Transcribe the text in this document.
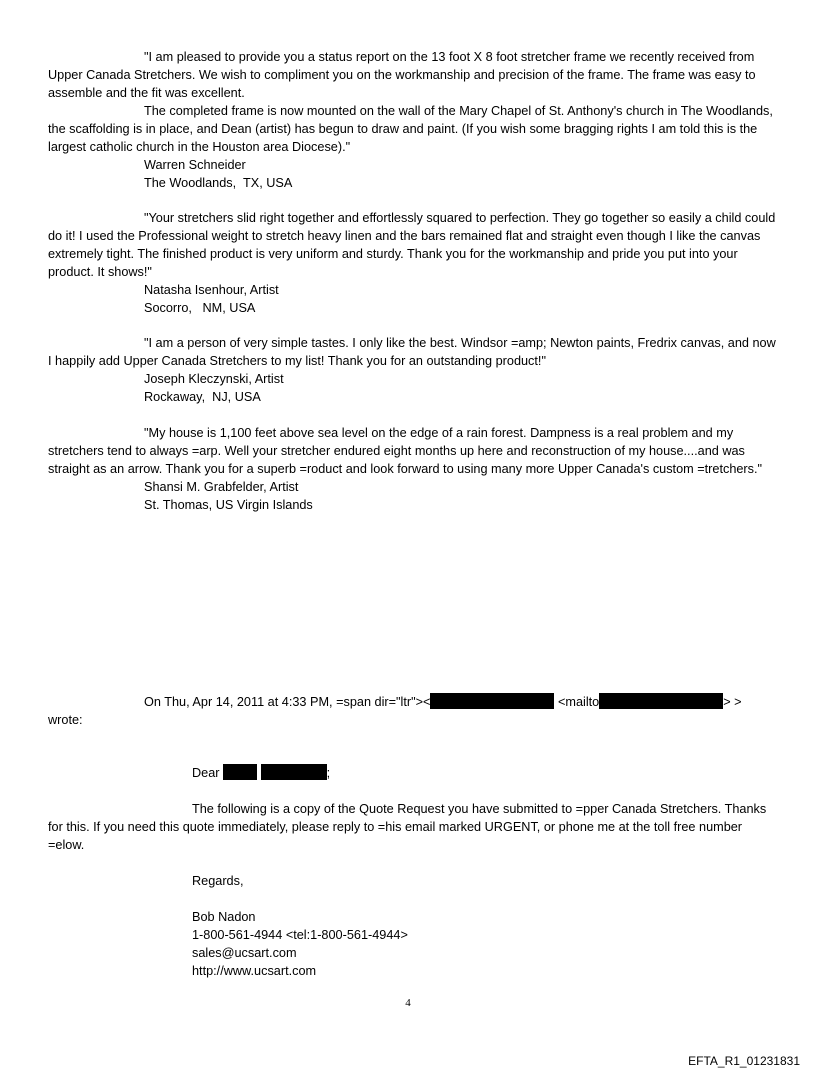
"I am pleased to provide you a status report on the 13 foot X 8 foot stretcher frame we recently received from Upper Canada Stretchers. We wish to compliment you on the workmanship and precision of the frame. The frame was easy to assemble and the fit was excellent.

The completed frame is now mounted on the wall of the Mary Chapel of St. Anthony's church in The Woodlands, the scaffolding is in place, and Dean (artist) has begun to draw and paint. (If you wish some bragging rights I am told this is the largest catholic church in the Houston area Diocese)."

Warren Schneider

The Woodlands,  TX, USA

"Your stretchers slid right together and effortlessly squared to perfection. They go together so easily a child could do it! I used the Professional weight to stretch heavy linen and the bars remained flat and straight even though I like the canvas extremely tight. The finished product is very uniform and sturdy. Thank you for the workmanship and pride you put into your product. It shows!"

Natasha Isenhour, Artist

Socorro,   NM, USA

"I am a person of very simple tastes. I only like the best. Windsor =amp; Newton paints, Fredrix canvas, and now I happily add Upper Canada Stretchers to my list! Thank you for an outstanding product!"

Joseph Kleczynski, Artist

Rockaway,  NJ, USA

"My house is 1,100 feet above sea level on the edge of a rain forest. Dampness is a real problem and my stretchers tend to always =arp. Well your stretcher endured eight months up here and reconstruction of my house....and was straight as an arrow. Thank you for a superb =roduct and look forward to using many more Upper Canada's custom =tretchers."

Shansi M. Grabfelder, Artist

St. Thomas, US Virgin Islands

On Thu, Apr 14, 2011 at 4:33 PM, =span dir="ltr"><	<mailto	> >
wrote:

Dear	;

The following is a copy of the Quote Request you have submitted to =pper Canada Stretchers. Thanks for this. If you need this quote immediately, please reply to =his email marked URGENT, or phone me at the toll free number =elow.

Regards,

Bob Nadon

1-800-561-4944 <tel:1-800-561-4944>

sales@ucsart.com

http://www.ucsart.com

4
EFTA_R1_01231831
